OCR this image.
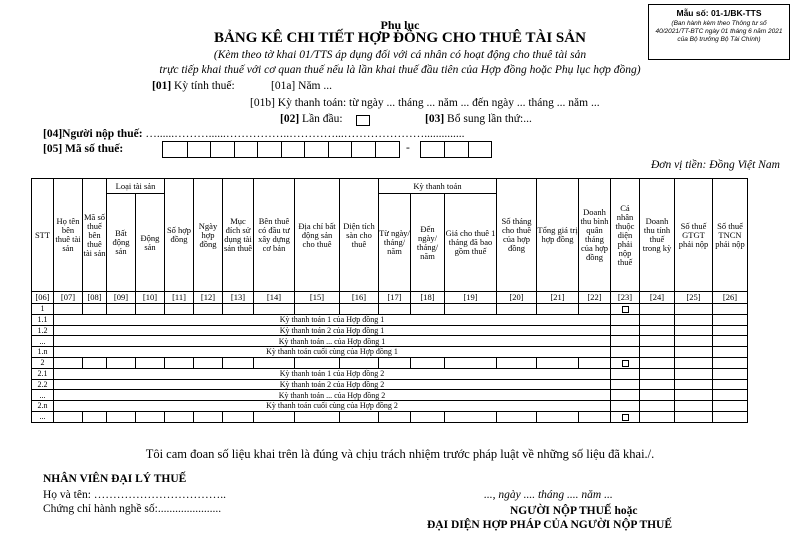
Mẫu số: 01-1/BK-TTS
(Ban hành kèm theo Thông tư số 40/2021/TT-BTC ngày 01 tháng 6 năm 2021 của Bộ trưởng Bộ Tài Chính)
Phụ lục
BẢNG KÊ CHI TIẾT HỢP ĐỒNG CHO THUÊ TÀI SẢN
(Kèm theo tờ khai 01/TTS áp dụng đối với cá nhân có hoạt động cho thuê tài sản
trực tiếp khai thuế với cơ quan thuế nếu là lần khai thuế đầu tiên của Hợp đồng hoặc Phụ lục hợp đồng)
[01] Kỳ tính thuế:	[01a] Năm ...
[01b] Kỳ thanh toán: từ ngày ... tháng ... năm ... đến ngày ... tháng ... năm ...
[02] Lần đầu:	[03] Bổ sung lần thứ:...
[04]Người nộp thuế: …......………......……………..…………...…………………..............
[05] Mã số thuế:	-
Đơn vị tiền: Đồng Việt Nam
STT	Họ tên bên thuê tài sản	Mã số thuế bên thuê tài sản	Loại tài sản		Số hợp đồng	Ngày hợp đồng	Mục đích sử dụng tài sản thuê	Bên thuê có đầu tư xây dựng cơ bản	Địa chỉ bất động sản cho thuê	Diện tích sàn cho thuê	Kỳ thanh toán			Số tháng cho thuê của hợp đồng	Tổng giá trị hợp đồng	Doanh thu bình quân tháng của hợp đồng	Cá nhân thuộc diện phải nộp thuế	Doanh thu tính thuế trong kỳ	Số thuế GTGT phải nộp	Số thuế TNCN phải nộp
			Bất động sản	Động sản							Từ ngày/ tháng/ năm	Đến ngày/ tháng/ năm	Giá cho thuê 1 tháng đã bao gồm thuế							
[06]	[07]	[08]	[09]	[10]	[11]	[12]	[13]	[14]	[15]	[16]	[17]	[18]	[19]	[20]	[21]	[22]	[23]	[24]	[25]	[26]
1																				
1.1	Kỳ thanh toán 1 của Hợp đồng 1																			
1.2	Kỳ thanh toán 2 của Hợp đồng 1																			
...	Kỳ thanh toán ... của Hợp đồng 1																			
1.n	Kỳ thanh toán cuối cùng của Hợp đồng 1																			
2																				
2.1	Kỳ thanh toán 1 của Hợp đồng 2																			
2.2	Kỳ thanh toán 2 của Hợp đồng 2																			
...	Kỳ thanh toán ... của Hợp đồng 2																			
2.n	Kỳ thanh toán cuối cùng của Hợp đồng 2																			
...																				
Tôi cam đoan số liệu khai trên là đúng và chịu trách nhiệm trước pháp luật về những số liệu đã khai./.
NHÂN VIÊN ĐẠI LÝ THUẾ
Họ và tên: ……………………………..
Chứng chỉ hành nghề số:......................
..., ngày .... tháng .... năm ...
NGƯỜI NỘP THUẾ hoặc
ĐẠI DIỆN HỢP PHÁP CỦA NGƯỜI NỘP THUẾ
